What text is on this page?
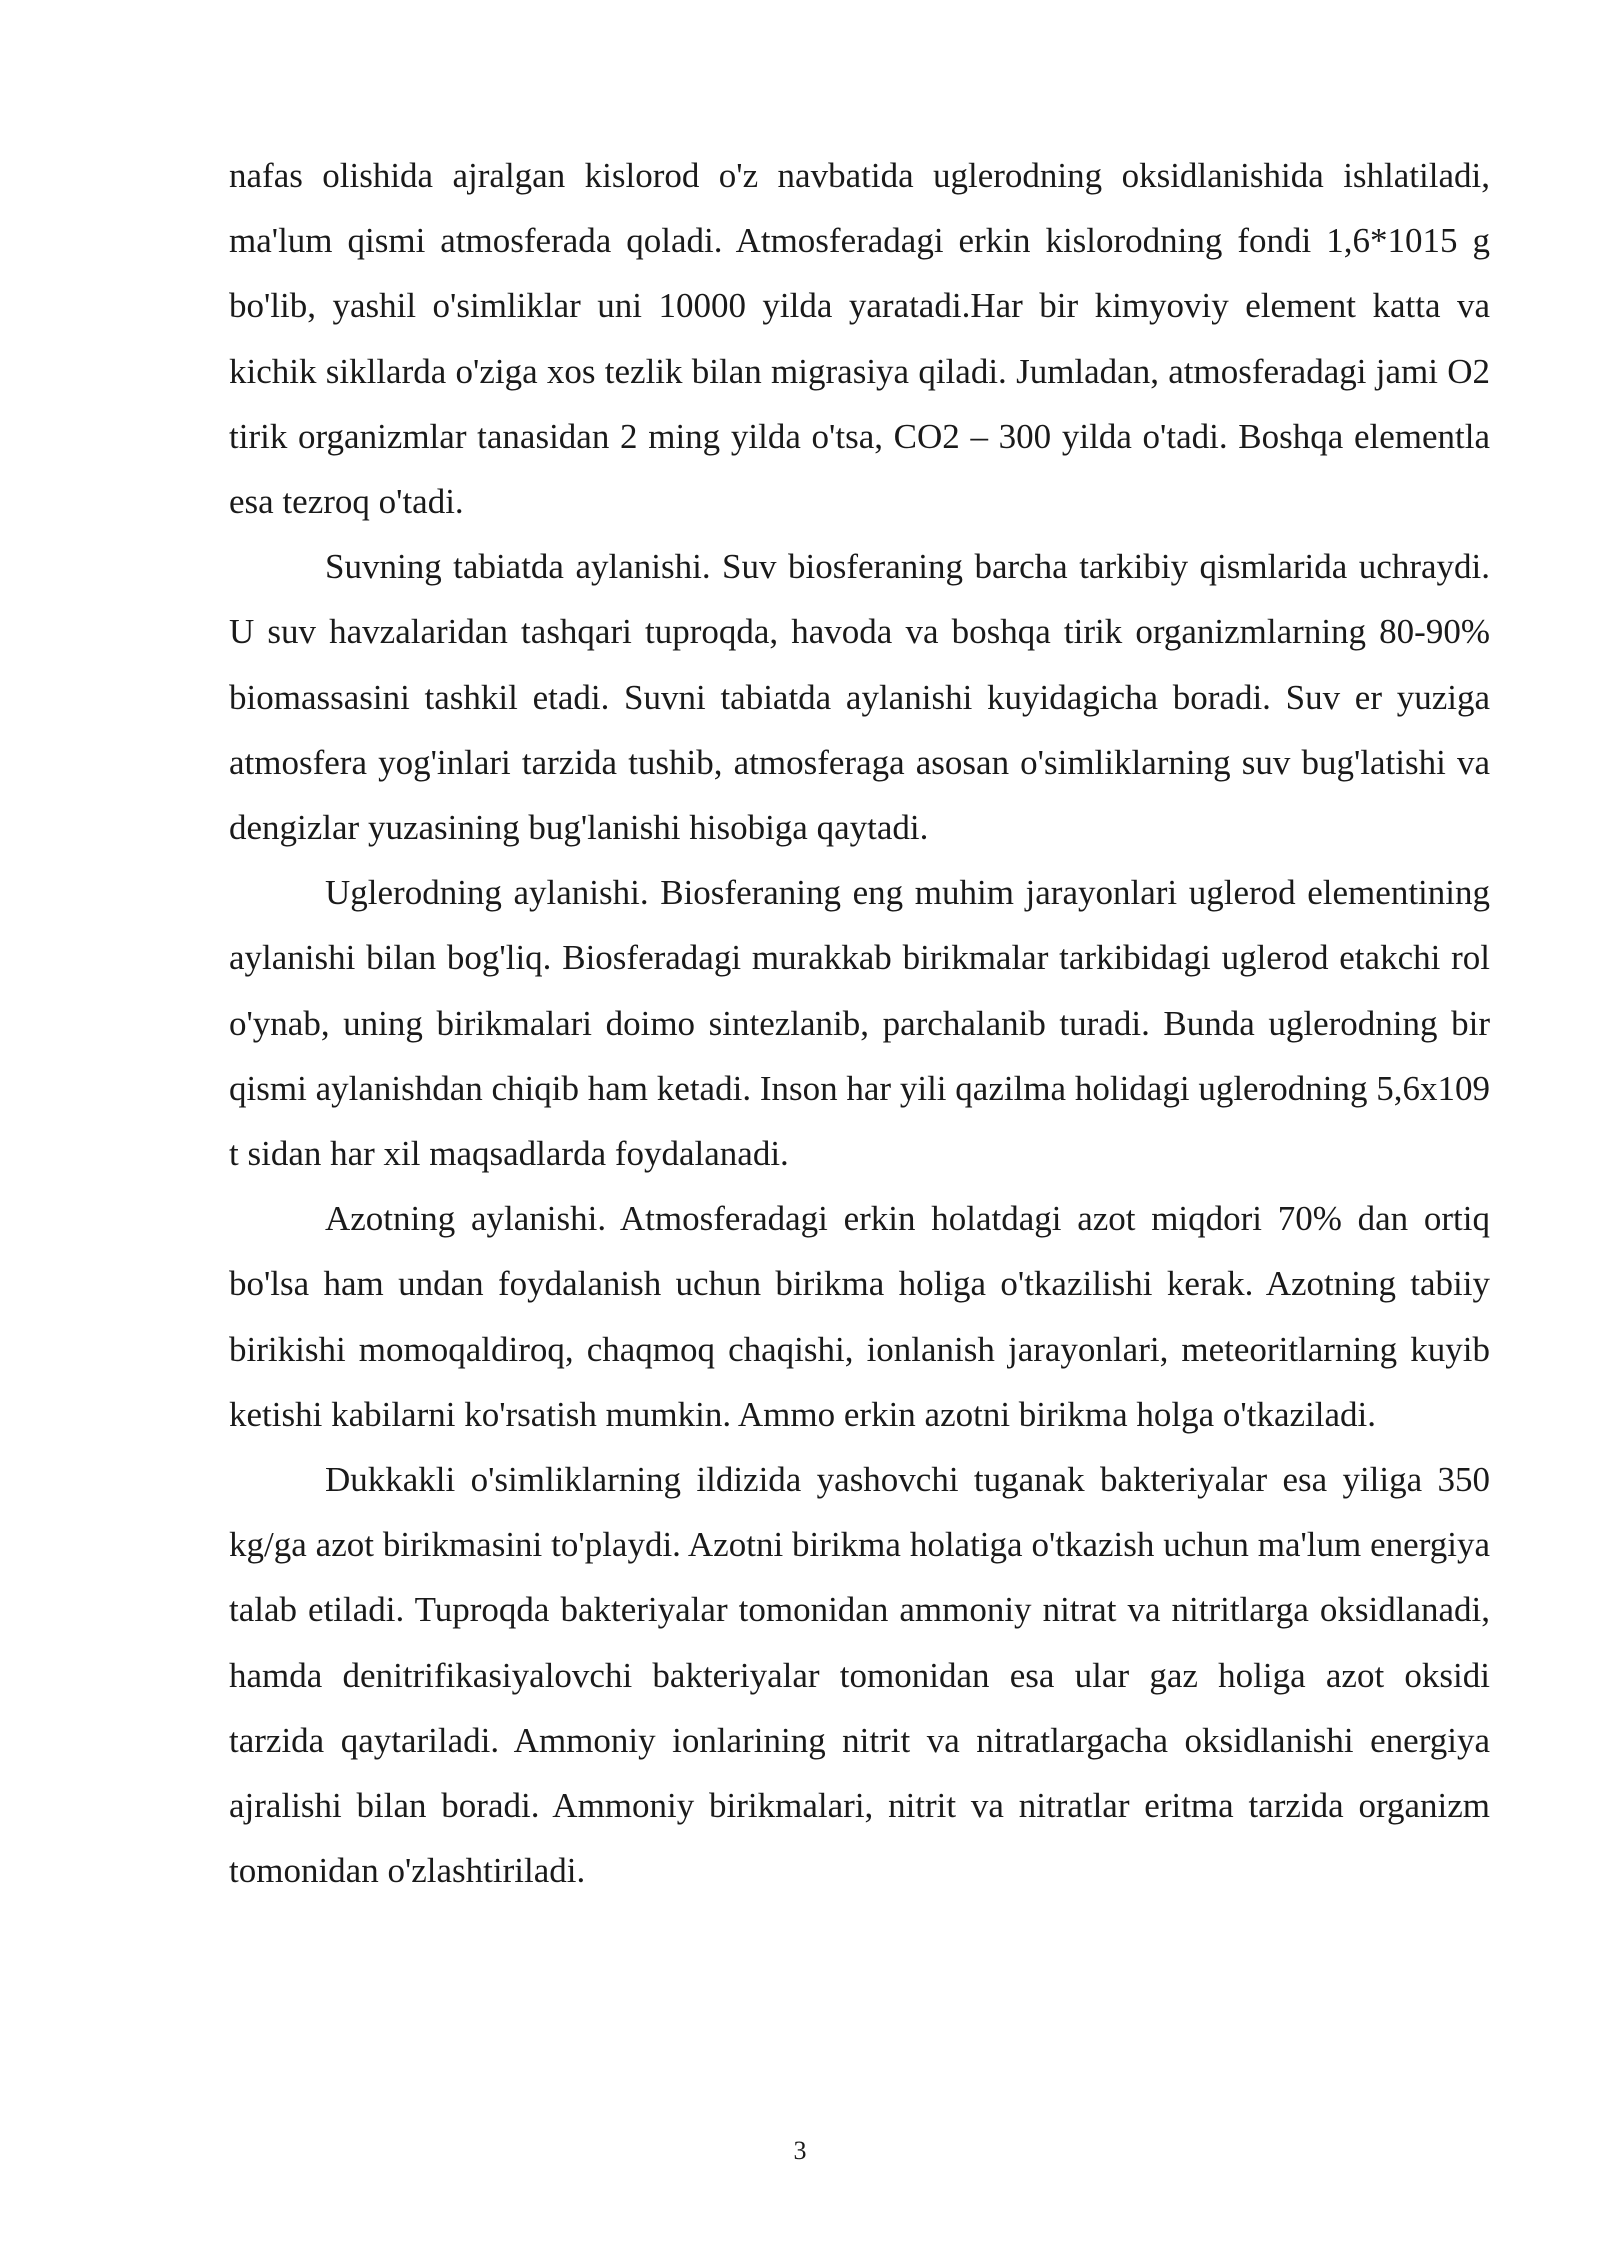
nafas olishida ajralgan kislorod o'z navbatida uglerodning oksidlanishida ishlatiladi, ma'lum qismi atmosferada qoladi. Atmosferadagi erkin kislorodning fondi 1,6*1015 g bo'lib, yashil o'simliklar uni 10000 yilda yaratadi.Har bir kimyoviy element katta va kichik sikllarda o'ziga xos tezlik bilan migrasiya qiladi. Jumladan, atmosferadagi jami O2 tirik organizmlar tanasidan 2 ming yilda o'tsa, CO2 – 300 yilda o'tadi. Boshqa elementla esa tezroq o'tadi.

Suvning tabiatda aylanishi. Suv biosferaning barcha tarkibiy qismlarida uchraydi. U suv havzalaridan tashqari tuproqda, havoda va boshqa tirik organizmlarning 80-90% biomassasini tashkil etadi. Suvni tabiatda aylanishi kuyidagicha boradi. Suv er yuziga atmosfera yog'inlari tarzida tushib, atmosferaga asosan o'simliklarning suv bug'latishi va dengizlar yuzasining bug'lanishi hisobiga qaytadi.

Uglerodning aylanishi. Biosferaning eng muhim jarayonlari uglerod elementining aylanishi bilan bog'liq. Biosferadagi murakkab birikmalar tarkibidagi uglerod etakchi rol o'ynab, uning birikmalari doimo sintezlanib, parchalanib turadi. Bunda uglerodning bir qismi aylanishdan chiqib ham ketadi. Inson har yili qazilma holidagi uglerodning 5,6x109 t sidan har xil maqsadlarda foydalanadi.

Azotning aylanishi. Atmosferadagi erkin holatdagi azot miqdori 70% dan ortiq bo'lsa ham undan foydalanish uchun birikma holiga o'tkazilishi kerak. Azotning tabiiy birikishi momoqaldiroq, chaqmoq chaqishi, ionlanish jarayonlari, meteoritlarning kuyib ketishi kabilarni ko'rsatish mumkin. Ammo erkin azotni birikma holga o'tkaziladi.

Dukkakli o'simliklarning ildizida yashovchi tuganak bakteriyalar esa yiliga 350 kg/ga azot birikmasini to'playdi. Azotni birikma holatiga o'tkazish uchun ma'lum energiya talab etiladi. Tuproqda bakteriyalar tomonidan ammoniy nitrat va nitritlarga oksidlanadi, hamda denitrifikasiyalovchi bakteriyalar tomonidan esa ular gaz holiga azot oksidi tarzida qaytariladi. Ammoniy ionlarining nitrit va nitratlargacha oksidlanishi energiya ajralishi bilan boradi. Ammoniy birikmalari, nitrit va nitratlar eritma tarzida organizm tomonidan o'zlashtiriladi.

3
